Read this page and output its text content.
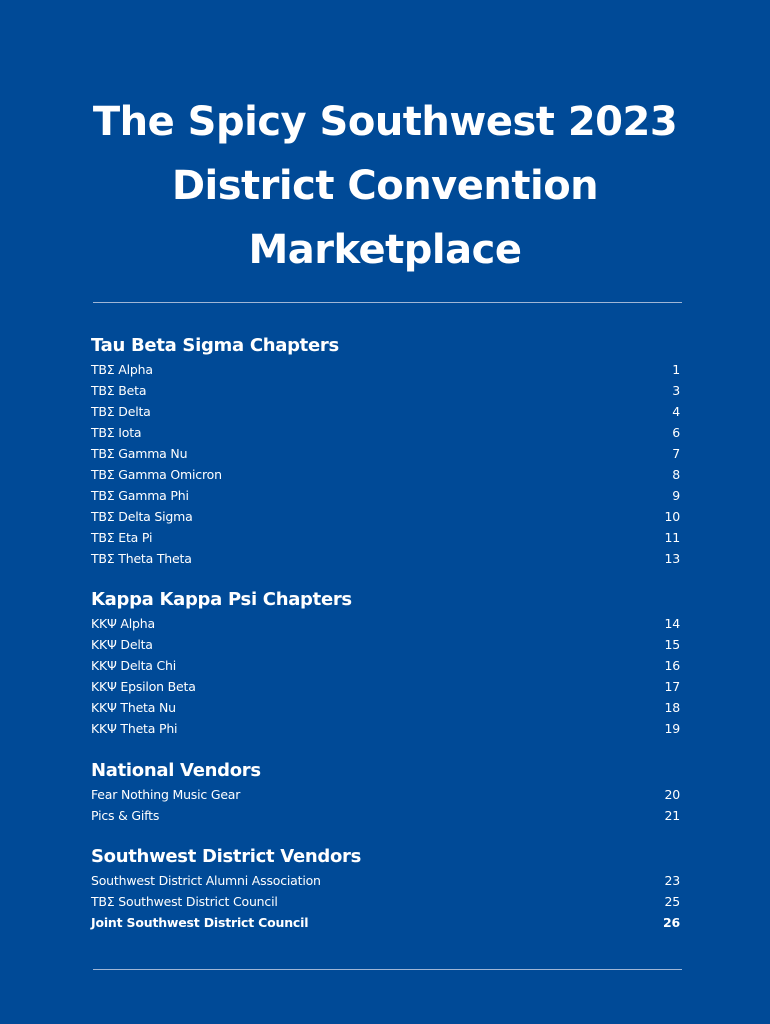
The Spicy Southwest 2023
District Convention
Marketplace
Tau Beta Sigma Chapters
TBΣ Alpha	1
TBΣ Beta	3
TBΣ Delta	4
TBΣ Iota	6
TBΣ Gamma Nu	7
TBΣ Gamma Omicron	8
TBΣ Gamma Phi	9
TBΣ Delta Sigma	10
TBΣ Eta Pi	11
TBΣ Theta Theta	13
Kappa Kappa Psi Chapters
KKΨ Alpha	14
KKΨ Delta	15
KKΨ Delta Chi	16
KKΨ Epsilon Beta	17
KKΨ Theta Nu	18
KKΨ Theta Phi	19
National Vendors
Fear Nothing Music Gear	20
Pics & Gifts	21
Southwest District Vendors
Southwest District Alumni Association	23
TBΣ Southwest District Council	25
Joint Southwest District Council	26
